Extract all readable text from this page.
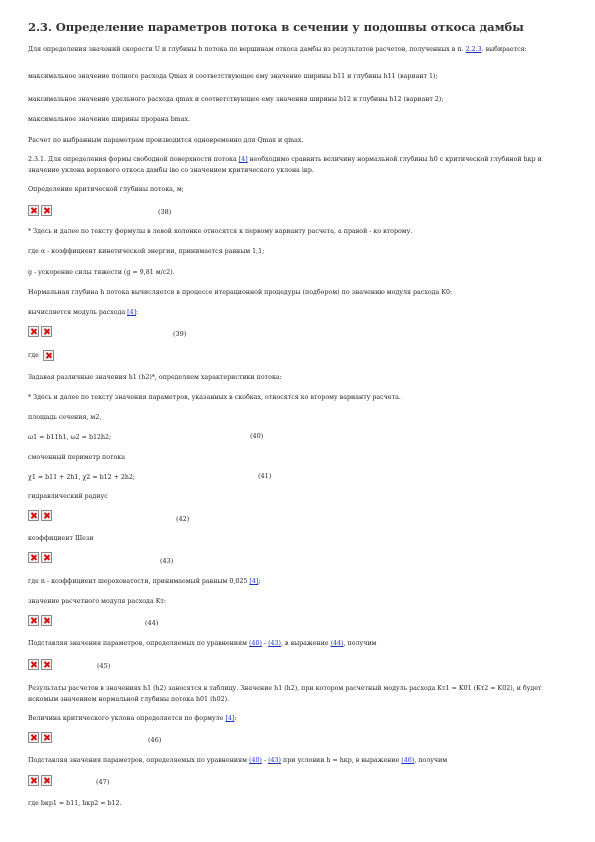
2.3. Определение параметров потока в сечении у подошвы откоса дамбы
Для определения значений скорости U и глубины h потока по вершинам откоса дамбы из результатов расчетов, полученных в п. 2.2.3. выбирается:
максимальное значение полного расхода Qmax и соответствующее ему значение ширины b11 и глубины h11 (вариант 1);
максимальное значение удельного расхода qmax и соответствующее ему значения ширины b12 и глубины h12 (вариант 2);
максимальное значение ширины прорана bmax.
Расчет по выбранным параметрам производится одновременно для Qmax и qmax.
2.3.1. Для определения формы свободной поверхности потока [4] необходимо сравнить величину нормальной глубины h0 с критической глубиной hкр и значение уклона верхового откоса дамбы iво со значением критического уклона iкр.
Определение критической глубины потока, м;
(38)
* Здесь и далее по тексту формулы в левой колонке относятся к первому варианту расчета, а правой - ко второму.
где α - коэффициент кинетической энергии, принимается равным 1,1;
g - ускорение силы тяжести (g = 9,81 м/с2).
Нормальная глубина h потока вычисляется в процессе итерационной процедуры (подбором) по значению модуля расхода K0:
вычисляется модуль расхода [4]:
(39)
где
Задавая различные значения h1 (h2)*, определяем характеристики потока:
* Здесь и далее по тексту значения параметров, указанных в скобках, относятся ко второму варианту расчета.
площадь сечения, м2,
ω1 = b11h1, ω2 = b12h2;	(40)
смоченный периметр потока
χ1 = b11 + 2h1, χ2 = b12 + 2h2;	(41)
гидравлический радиус
(42)
коэффициент Шези
(43)
где n - коэффициент шероховатости, принимаемый равным 0,025 [4];
значение расчетного модуля расхода Kт:
(44)
Подставляя значения параметров, определяемых по уравнениям (40) - (43), в выражение (44), получим
(45)
Результаты расчетов в значениях h1 (h2) заносятся в таблицу. Значение h1 (h2), при котором расчетный модуль расхода Kт1 = K01 (Kт2 = K02), и будет искомым значением нормальной глубины потока h01 (h02).
Величина критического уклона определяется по формуле [4]:
(46)
Подставляя значения параметров, определяемых по уравнениям (40) - (43) при условии h = hкр, в выражение (46), получим
(47)
где bкр1 = b11, bкр2 = b12.
